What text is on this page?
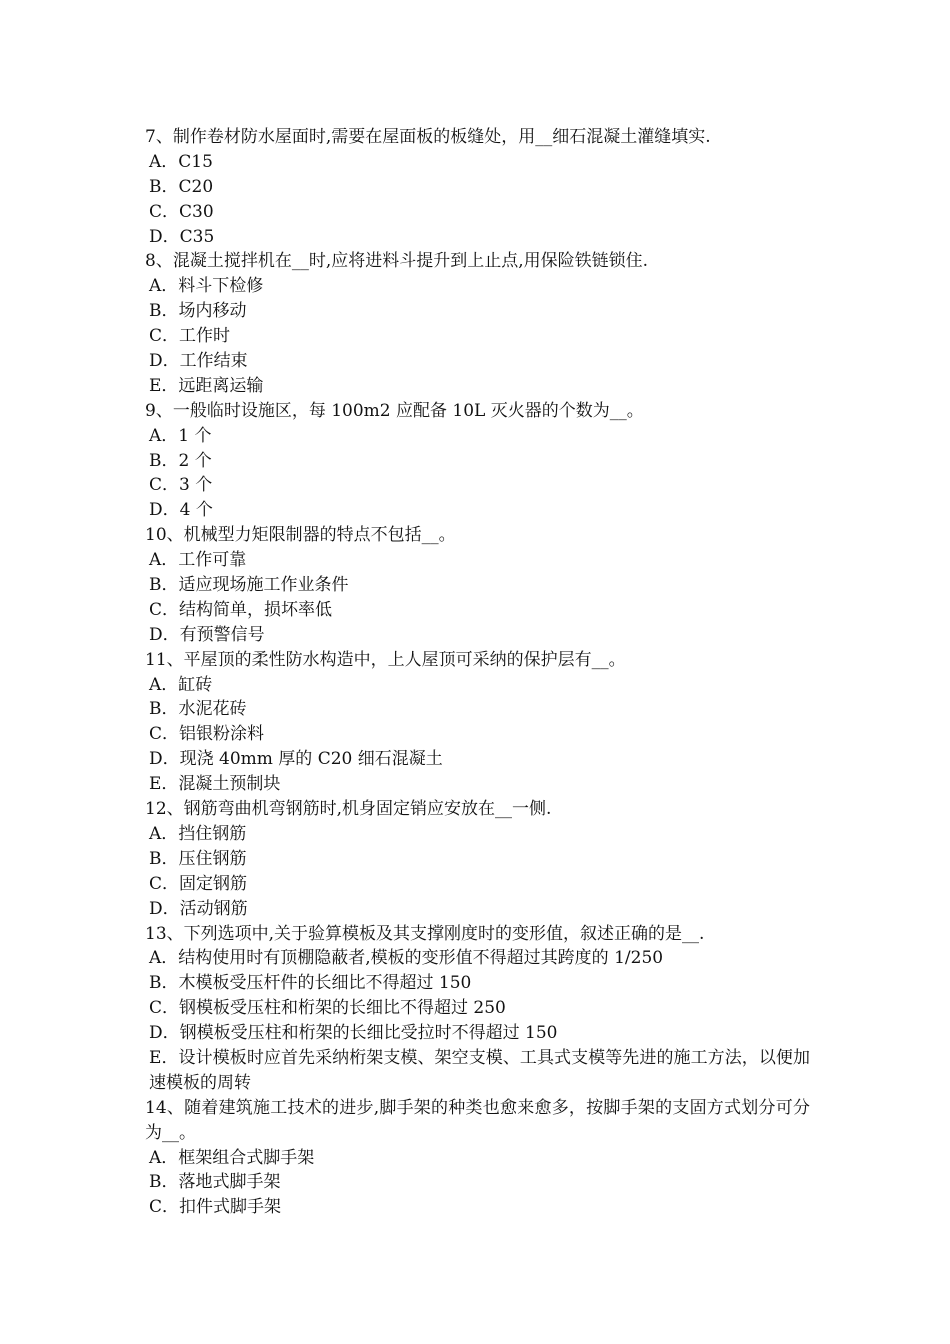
7、制作卷材防水屋面时,需要在屋面板的板缝处，用__细石混凝土灌缝填实.
A．C15
B．C20
C．C30
D．C35
8、混凝土搅拌机在__时,应将进料斗提升到上止点,用保险铁链锁住.
A．料斗下检修
B．场内移动
C．工作时
D．工作结束
E．远距离运输
9、一般临时设施区，每 100m2 应配备 10L 灭火器的个数为__。
A．1 个
B．2 个
C．3 个
D．4 个
10、机械型力矩限制器的特点不包括__。
A．工作可靠
B．适应现场施工作业条件
C．结构简单，损坏率低
D．有预警信号
11、平屋顶的柔性防水构造中，上人屋顶可采纳的保护层有__。
A．缸砖
B．水泥花砖
C．铝银粉涂料
D．现浇 40mm 厚的 C20 细石混凝土
E．混凝土预制块
12、钢筋弯曲机弯钢筋时,机身固定销应安放在__一侧.
A．挡住钢筋
B．压住钢筋
C．固定钢筋
D．活动钢筋
13、下列选项中,关于验算模板及其支撑刚度时的变形值，叙述正确的是__.
A．结构使用时有顶棚隐蔽者,模板的变形值不得超过其跨度的 1/250
B．木模板受压杆件的长细比不得超过 150
C．钢模板受压柱和桁架的长细比不得超过 250
D．钢模板受压柱和桁架的长细比受拉时不得超过 150
E．设计模板时应首先采纳桁架支模、架空支模、工具式支模等先进的施工方法，以便加速模板的周转
14、随着建筑施工技术的进步,脚手架的种类也愈来愈多，按脚手架的支固方式划分可分为__。
A．框架组合式脚手架
B．落地式脚手架
C．扣件式脚手架
